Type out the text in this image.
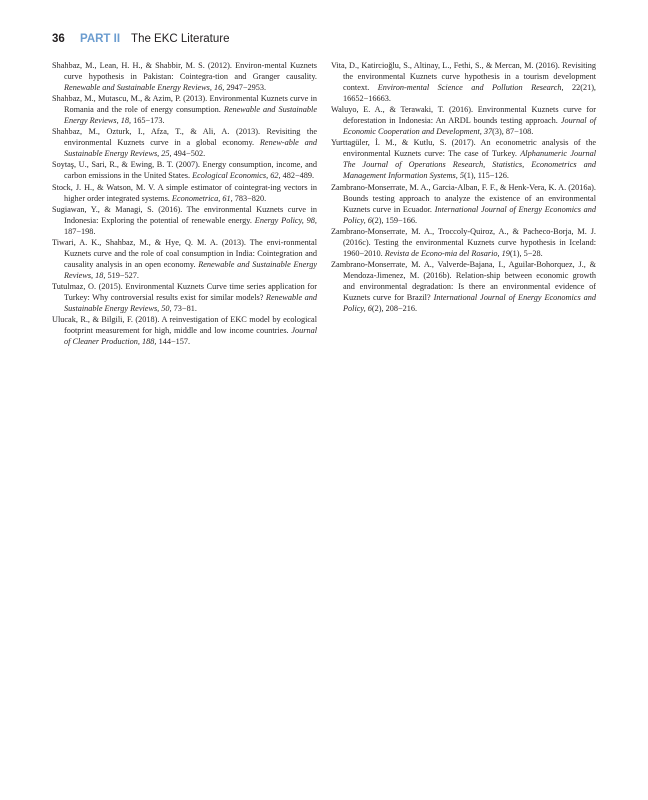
36 PART II The EKC Literature

Shahbaz, M., Lean, H. H., & Shabbir, M. S. (2012). Environ-mental Kuznets curve hypothesis in Pakistan: Cointegra-tion and Granger causality. Renewable and Sustainable Energy Reviews, 16, 2947−2953.

Shahbaz, M., Mutascu, M., & Azim, P. (2013). Environmental Kuznets curve in Romania and the role of energy consumption. Renewable and Sustainable Energy Reviews, 18, 165−173.

Shahbaz, M., Ozturk, I., Afza, T., & Ali, A. (2013). Revisiting the environmental Kuznets curve in a global economy. Renew-able and Sustainable Energy Reviews, 25, 494−502.

Soytaş, U., Sari, R., & Ewing, B. T. (2007). Energy consumption, income, and carbon emissions in the United States. Ecological Economics, 62, 482−489.

Stock, J. H., & Watson, M. V. A simple estimator of cointegrat-ing vectors in higher order integrated systems. Econometrica, 61, 783−820.

Sugiawan, Y., & Managi, S. (2016). The environmental Kuznets curve in Indonesia: Exploring the potential of renewable energy. Energy Policy, 98, 187−198.

Tiwari, A. K., Shahbaz, M., & Hye, Q. M. A. (2013). The envi-ronmental Kuznets curve and the role of coal consumption in India: Cointegration and causality analysis in an open economy. Renewable and Sustainable Energy Reviews, 18, 519−527.

Tutulmaz, O. (2015). Environmental Kuznets Curve time series application for Turkey: Why controversial results exist for similar models? Renewable and Sustainable Energy Reviews, 50, 73−81.

Ulucak, R., & Bilgili, F. (2018). A reinvestigation of EKC model by ecological footprint measurement for high, middle and low income countries. Journal of Cleaner Production, 188, 144−157.

Vita, D., Katircioğlu, S., Altinay, L., Fethi, S., & Mercan, M. (2016). Revisiting the environmental Kuznets curve hypothesis in a tourism development context. Environ-mental Science and Pollution Research, 22(21), 16652−16663.

Waluyo, E. A., & Terawaki, T. (2016). Environmental Kuznets curve for deforestation in Indonesia: An ARDL bounds testing approach. Journal of Economic Cooperation and Development, 37(3), 87−108.

Yurttagüler, İ. M., & Kutlu, S. (2017). An econometric analysis of the environmental Kuznets curve: The case of Turkey. Alphanumeric Journal The Journal of Operations Research, Statistics, Econometrics and Management Information Systems, 5(1), 115−126.

Zambrano-Monserrate, M. A., Garcia-Alban, F. F., & Henk-Vera, K. A. (2016a). Bounds testing approach to analyze the existence of an environmental Kuznets curve in Ecuador. International Journal of Energy Economics and Policy, 6(2), 159−166.

Zambrano-Monserrate, M. A., Troccoly-Quiroz, A., & Pacheco-Borja, M. J. (2016c). Testing the environmental Kuznets curve hypothesis in Iceland: 1960−2010. Revista de Econo-mia del Rosario, 19(1), 5−28.

Zambrano-Monserrate, M. A., Valverde-Bajana, I., Aguilar-Bohorquez, J., & Mendoza-Jimenez, M. (2016b). Relation-ship between economic growth and environmental degradation: Is there an environmental evidence of Kuznets curve for Brazil? International Journal of Energy Economics and Policy, 6(2), 208−216.
